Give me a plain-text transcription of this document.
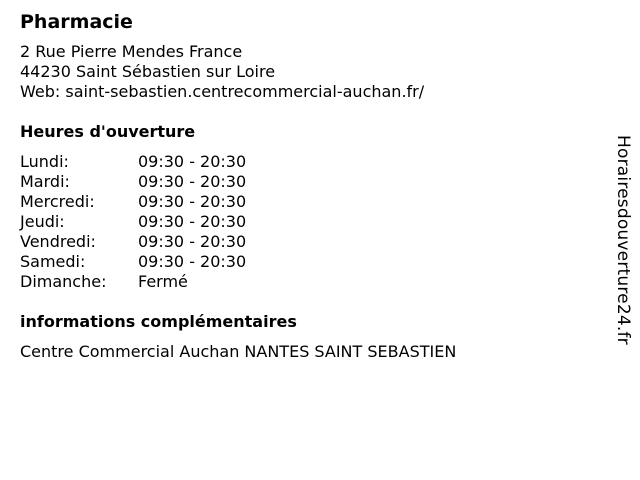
Pharmacie
2 Rue Pierre Mendes France
44230 Saint Sébastien sur Loire
Web: saint-sebastien.centrecommercial-auchan.fr/
Heures d'ouverture
Lundi:	09:30 - 20:30
Mardi:	09:30 - 20:30
Mercredi:	09:30 - 20:30
Jeudi:	09:30 - 20:30
Vendredi:	09:30 - 20:30
Samedi:	09:30 - 20:30
Dimanche:	Fermé
informations complémentaires
Centre Commercial Auchan NANTES SAINT SEBASTIEN
Horairesdouverture24.fr
